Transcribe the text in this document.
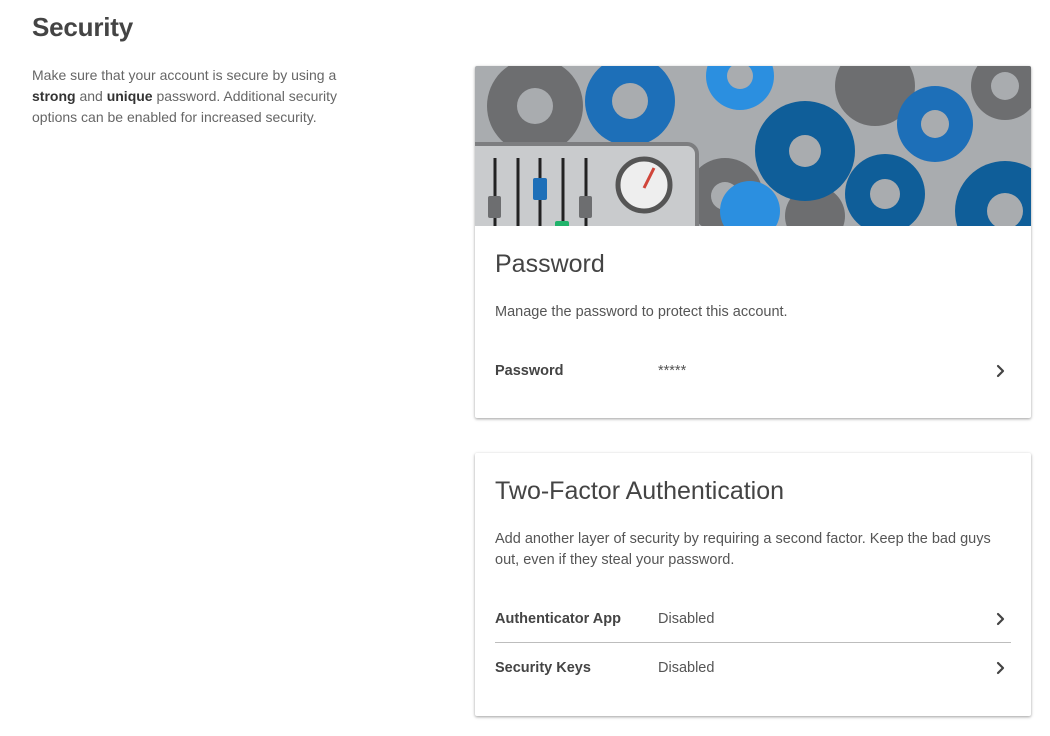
Security

Make sure that your account is secure by using a strong and unique password. Additional security options can be enabled for increased security.

Password

Manage the password to protect this account.

Password	*****
Two-Factor Authentication

Add another layer of security by requiring a second factor. Keep the bad guys out, even if they steal your password.

Authenticator App	Disabled
Security Keys	Disabled
